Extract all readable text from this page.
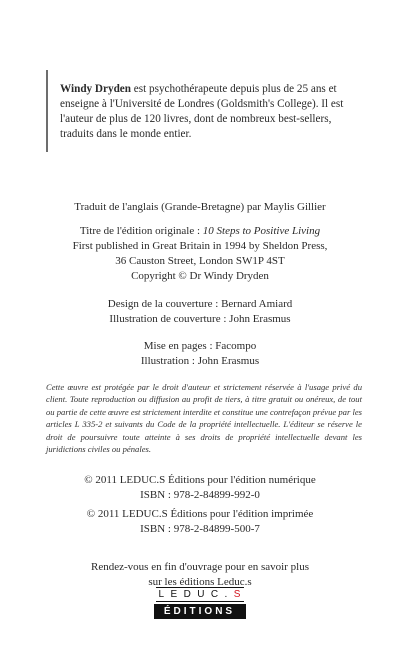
Windy Dryden est psychothérapeute depuis plus de 25 ans et enseigne à l'Université de Londres (Goldsmith's College). Il est l'auteur de plus de 120 livres, dont de nombreux best-sellers, traduits dans le monde entier.
Traduit de l'anglais (Grande-Bretagne) par Maylis Gillier
Titre de l'édition originale : 10 Steps to Positive Living
First published in Great Britain in 1994 by Sheldon Press,
36 Causton Street, London SW1P 4ST
Copyright © Dr Windy Dryden
Design de la couverture : Bernard Amiard
Illustration de couverture : John Erasmus
Mise en pages : Facompo
Illustration : John Erasmus
Cette œuvre est protégée par le droit d'auteur et strictement réservée à l'usage privé du client. Toute reproduction ou diffusion au profit de tiers, à titre gratuit ou onéreux, de tout ou partie de cette œuvre est strictement interdite et constitue une contrefaçon prévue par les articles L 335-2 et suivants du Code de la propriété intellectuelle. L'éditeur se réserve le droit de poursuivre toute atteinte à ses droits de propriété intellectuelle devant les juridictions civiles ou pénales.
© 2011 LEDUC.S Éditions pour l'édition numérique
ISBN : 978-2-84899-992-0
© 2011 LEDUC.S Éditions pour l'édition imprimée
ISBN : 978-2-84899-500-7
Rendez-vous en fin d'ouvrage pour en savoir plus
sur les éditions Leduc.s
L E D U C . S
ÉDITIONS
